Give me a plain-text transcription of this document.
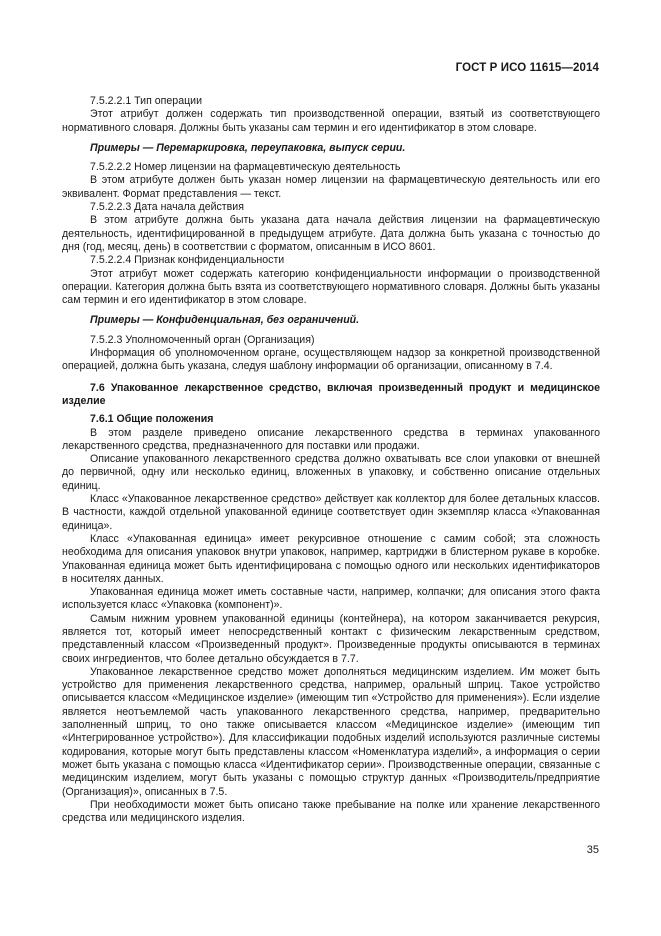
ГОСТ Р ИСО 11615—2014

7.5.2.2.1 Тип операции

Этот атрибут должен содержать тип производственной операции, взятый из соответствующего нормативного словаря. Должны быть указаны сам термин и его идентификатор в этом словаре.

Примеры — Перемаркировка, переупаковка, выпуск серии.

7.5.2.2.2 Номер лицензии на фармацевтическую деятельность

В этом атрибуте должен быть указан номер лицензии на фармацевтическую деятельность или его эквивалент. Формат представления — текст.

7.5.2.2.3 Дата начала действия

В этом атрибуте должна быть указана дата начала действия лицензии на фармацевтическую деятельность, идентифицированной в предыдущем атрибуте. Дата должна быть указана с точностью до дня (год, месяц, день) в соответствии с форматом, описанным в ИСО 8601.

7.5.2.2.4 Признак конфиденциальности

Этот атрибут может содержать категорию конфиденциальности информации о производственной операции. Категория должна быть взята из соответствующего нормативного словаря. Должны быть указаны сам термин и его идентификатор в этом словаре.

Примеры — Конфиденциальная, без ограничений.

7.5.2.3 Уполномоченный орган (Организация)

Информация об уполномоченном органе, осуществляющем надзор за конкретной производственной операцией, должна быть указана, следуя шаблону информации об организации, описанному в 7.4.

7.6 Упакованное лекарственное средство, включая произведенный продукт и медицинское изделие

7.6.1 Общие положения

В этом разделе приведено описание лекарственного средства в терминах упакованного лекарственного средства, предназначенного для поставки или продажи.

Описание упакованного лекарственного средства должно охватывать все слои упаковки от внешней до первичной, одну или несколько единиц, вложенных в упаковку, и собственно описание отдельных единиц.

Класс «Упакованное лекарственное средство» действует как коллектор для более детальных классов. В частности, каждой отдельной упакованной единице соответствует один экземпляр класса «Упакованная единица».

Класс «Упакованная единица» имеет рекурсивное отношение с самим собой; эта сложность необходима для описания упаковок внутри упаковок, например, картриджи в блистерном рукаве в коробке. Упакованная единица может быть идентифицирована с помощью одного или нескольких идентификаторов в носителях данных.

Упакованная единица может иметь составные части, например, колпачки; для описания этого факта используется класс «Упаковка (компонент)».

Самым нижним уровнем упакованной единицы (контейнера), на котором заканчивается рекурсия, является тот, который имеет непосредственный контакт с физическим лекарственным средством, представленный классом «Произведенный продукт». Произведенные продукты описываются в терминах своих ингредиентов, что более детально обсуждается в 7.7.

Упакованное лекарственное средство может дополняться медицинским изделием. Им может быть устройство для применения лекарственного средства, например, оральный шприц. Такое устройство описывается классом «Медицинское изделие» (имеющим тип «Устройство для применения»). Если изделие является неотъемлемой часть упакованного лекарственного средства, например, предварительно заполненный шприц, то оно также описывается классом «Медицинское изделие» (имеющим тип «Интегрированное устройство»). Для классификации подобных изделий используются различные системы кодирования, которые могут быть представлены классом «Номенклатура изделий», а информация о серии может быть указана с помощью класса «Идентификатор серии». Производственные операции, связанные с медицинским изделием, могут быть указаны с помощью структур данных «Производитель/предприятие (Организация)», описанных в 7.5.

При необходимости может быть описано также пребывание на полке или хранение лекарственного средства или медицинского изделия.

35
